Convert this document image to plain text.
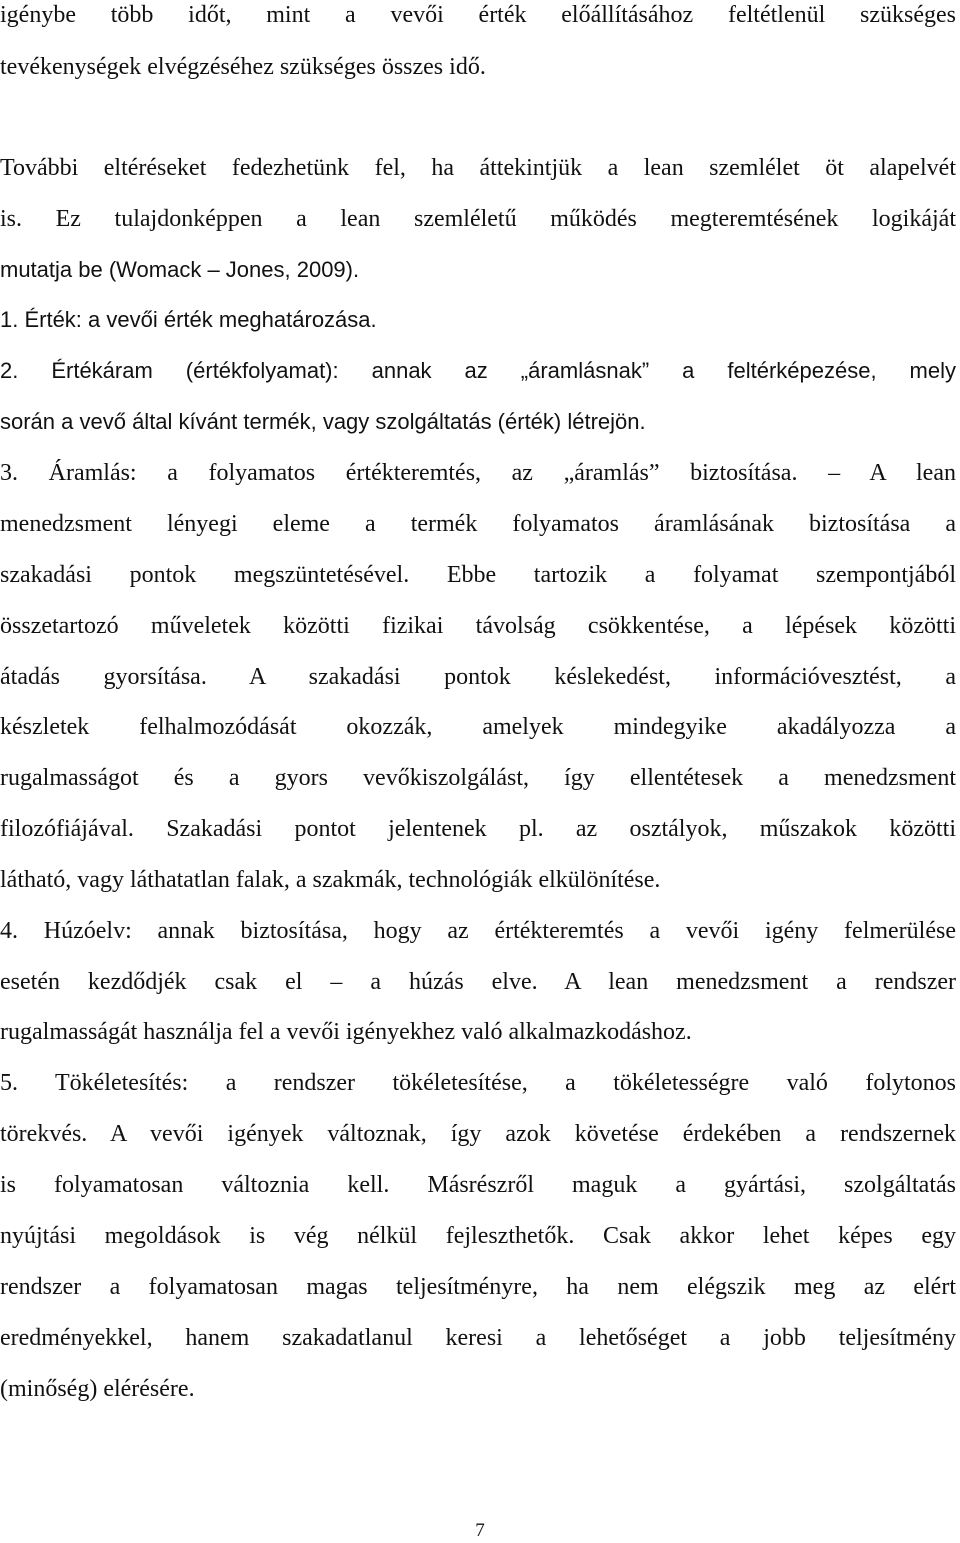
igénybe több időt, mint a vevői érték előállításához feltétlenül szükséges
tevékenységek elvégzéséhez szükséges összes idő.
További eltéréseket fedezhetünk fel, ha áttekintjük a lean szemlélet öt alapelvét
is. Ez tulajdonképpen a lean szemléletű működés megteremtésének logikáját
mutatja be (Womack – Jones, 2009).
1. Érték: a vevői érték meghatározása.
2. Értékáram (értékfolyamat): annak az „áramlásnak” a feltérképezése, mely
során a vevő által kívánt termék, vagy szolgáltatás (érték) létrejön.
3. Áramlás: a folyamatos értékteremtés, az „áramlás” biztosítása. – A lean
menedzsment lényegi eleme a termék folyamatos áramlásának biztosítása a
szakadási pontok megszüntetésével. Ebbe tartozik a folyamat szempontjából
összetartozó műveletek közötti fizikai távolság csökkentése, a lépések közötti
átadás gyorsítása. A szakadási pontok késlekedést, információvesztést, a
készletek felhalmozódását okozzák, amelyek mindegyike akadályozza a
rugalmasságot és a gyors vevőkiszolgálást, így ellentétesek a menedzsment
filozófiájával. Szakadási pontot jelentenek pl. az osztályok, műszakok közötti
látható, vagy láthatatlan falak, a szakmák, technológiák elkülönítése.
4. Húzóelv: annak biztosítása, hogy az értékteremtés a vevői igény felmerülése
esetén kezdődjék csak el – a húzás elve. A lean menedzsment a rendszer
rugalmasságát használja fel a vevői igényekhez való alkalmazkodáshoz.
5. Tökéletesítés: a rendszer tökéletesítése, a tökéletességre való folytonos
törekvés. A vevői igények változnak, így azok követése érdekében a rendszernek
is folyamatosan változnia kell. Másrészről maguk a gyártási, szolgáltatás
nyújtási megoldások is vég nélkül fejleszthetők. Csak akkor lehet képes egy
rendszer a folyamatosan magas teljesítményre, ha nem elégszik meg az elért
eredményekkel, hanem szakadatlanul keresi a lehetőséget a jobb teljesítmény
(minőség) elérésére.
7
